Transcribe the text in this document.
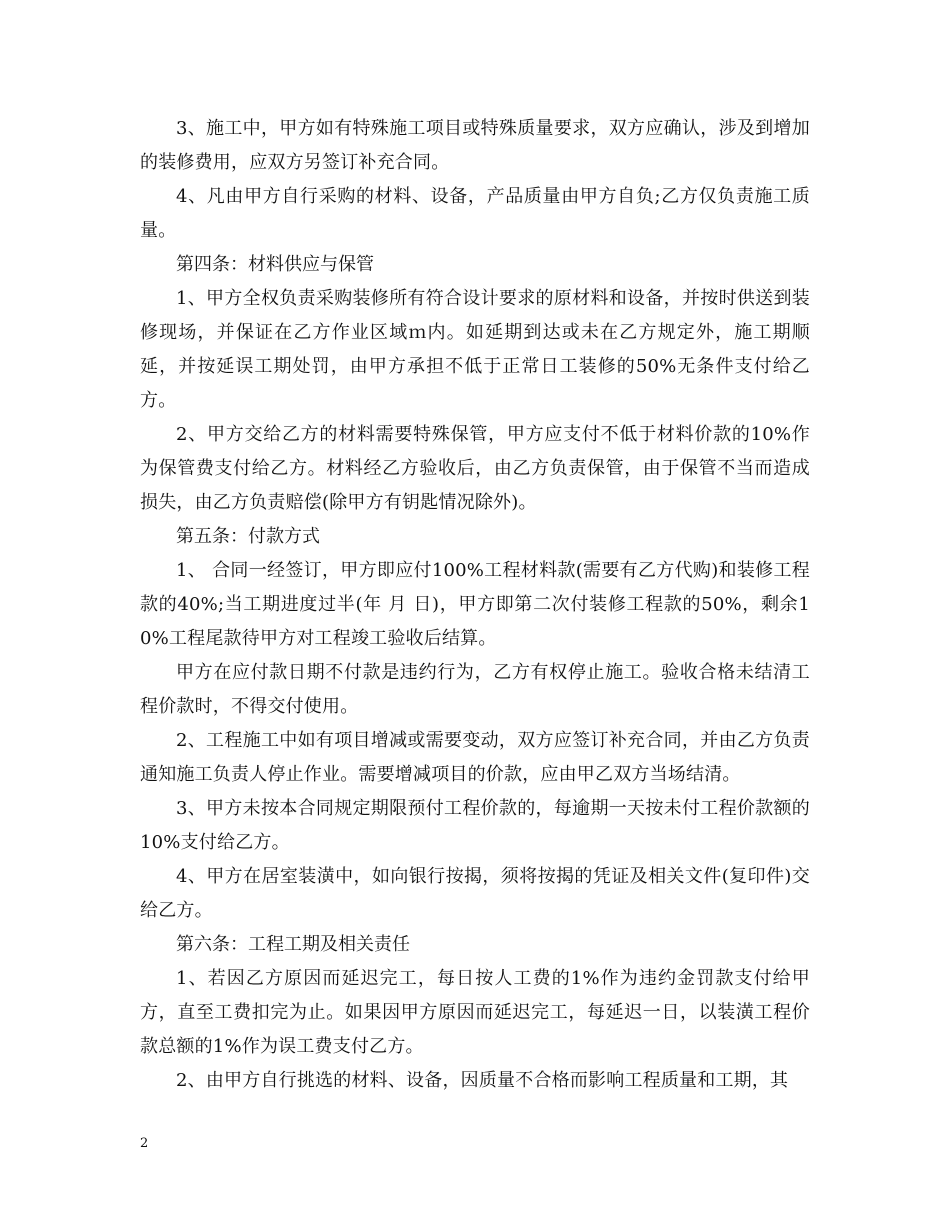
3、施工中，甲方如有特殊施工项目或特殊质量要求，双方应确认，涉及到增加的装修费用，应双方另签订补充合同。

4、凡由甲方自行采购的材料、设备，产品质量由甲方自负;乙方仅负责施工质量。

第四条：材料供应与保管

1、甲方全权负责采购装修所有符合设计要求的原材料和设备，并按时供送到装修现场，并保证在乙方作业区域ｍ内。如延期到达或未在乙方规定外，施工期顺延，并按延误工期处罚，由甲方承担不低于正常日工装修的50%无条件支付给乙方。

2、甲方交给乙方的材料需要特殊保管，甲方应支付不低于材料价款的10%作为保管费支付给乙方。材料经乙方验收后，由乙方负责保管，由于保管不当而造成损失，由乙方负责赔偿(除甲方有钥匙情况除外)。

第五条：付款方式

1、 合同一经签订，甲方即应付100%工程材料款(需要有乙方代购)和装修工程款的40%;当工期进度过半(年 月 日)，甲方即第二次付装修工程款的50%，剩余10%工程尾款待甲方对工程竣工验收后结算。

甲方在应付款日期不付款是违约行为，乙方有权停止施工。验收合格未结清工程价款时，不得交付使用。

2、工程施工中如有项目增减或需要变动，双方应签订补充合同，并由乙方负责通知施工负责人停止作业。需要增减项目的价款，应由甲乙双方当场结清。

3、甲方未按本合同规定期限预付工程价款的，每逾期一天按未付工程价款额的10%支付给乙方。

4、甲方在居室装潢中，如向银行按揭，须将按揭的凭证及相关文件(复印件)交给乙方。

第六条：工程工期及相关责任

1、若因乙方原因而延迟完工，每日按人工费的1%作为违约金罚款支付给甲方，直至工费扣完为止。如果因甲方原因而延迟完工，每延迟一日，以装潢工程价款总额的1%作为误工费支付乙方。

2、由甲方自行挑选的材料、设备，因质量不合格而影响工程质量和工期，其

2
